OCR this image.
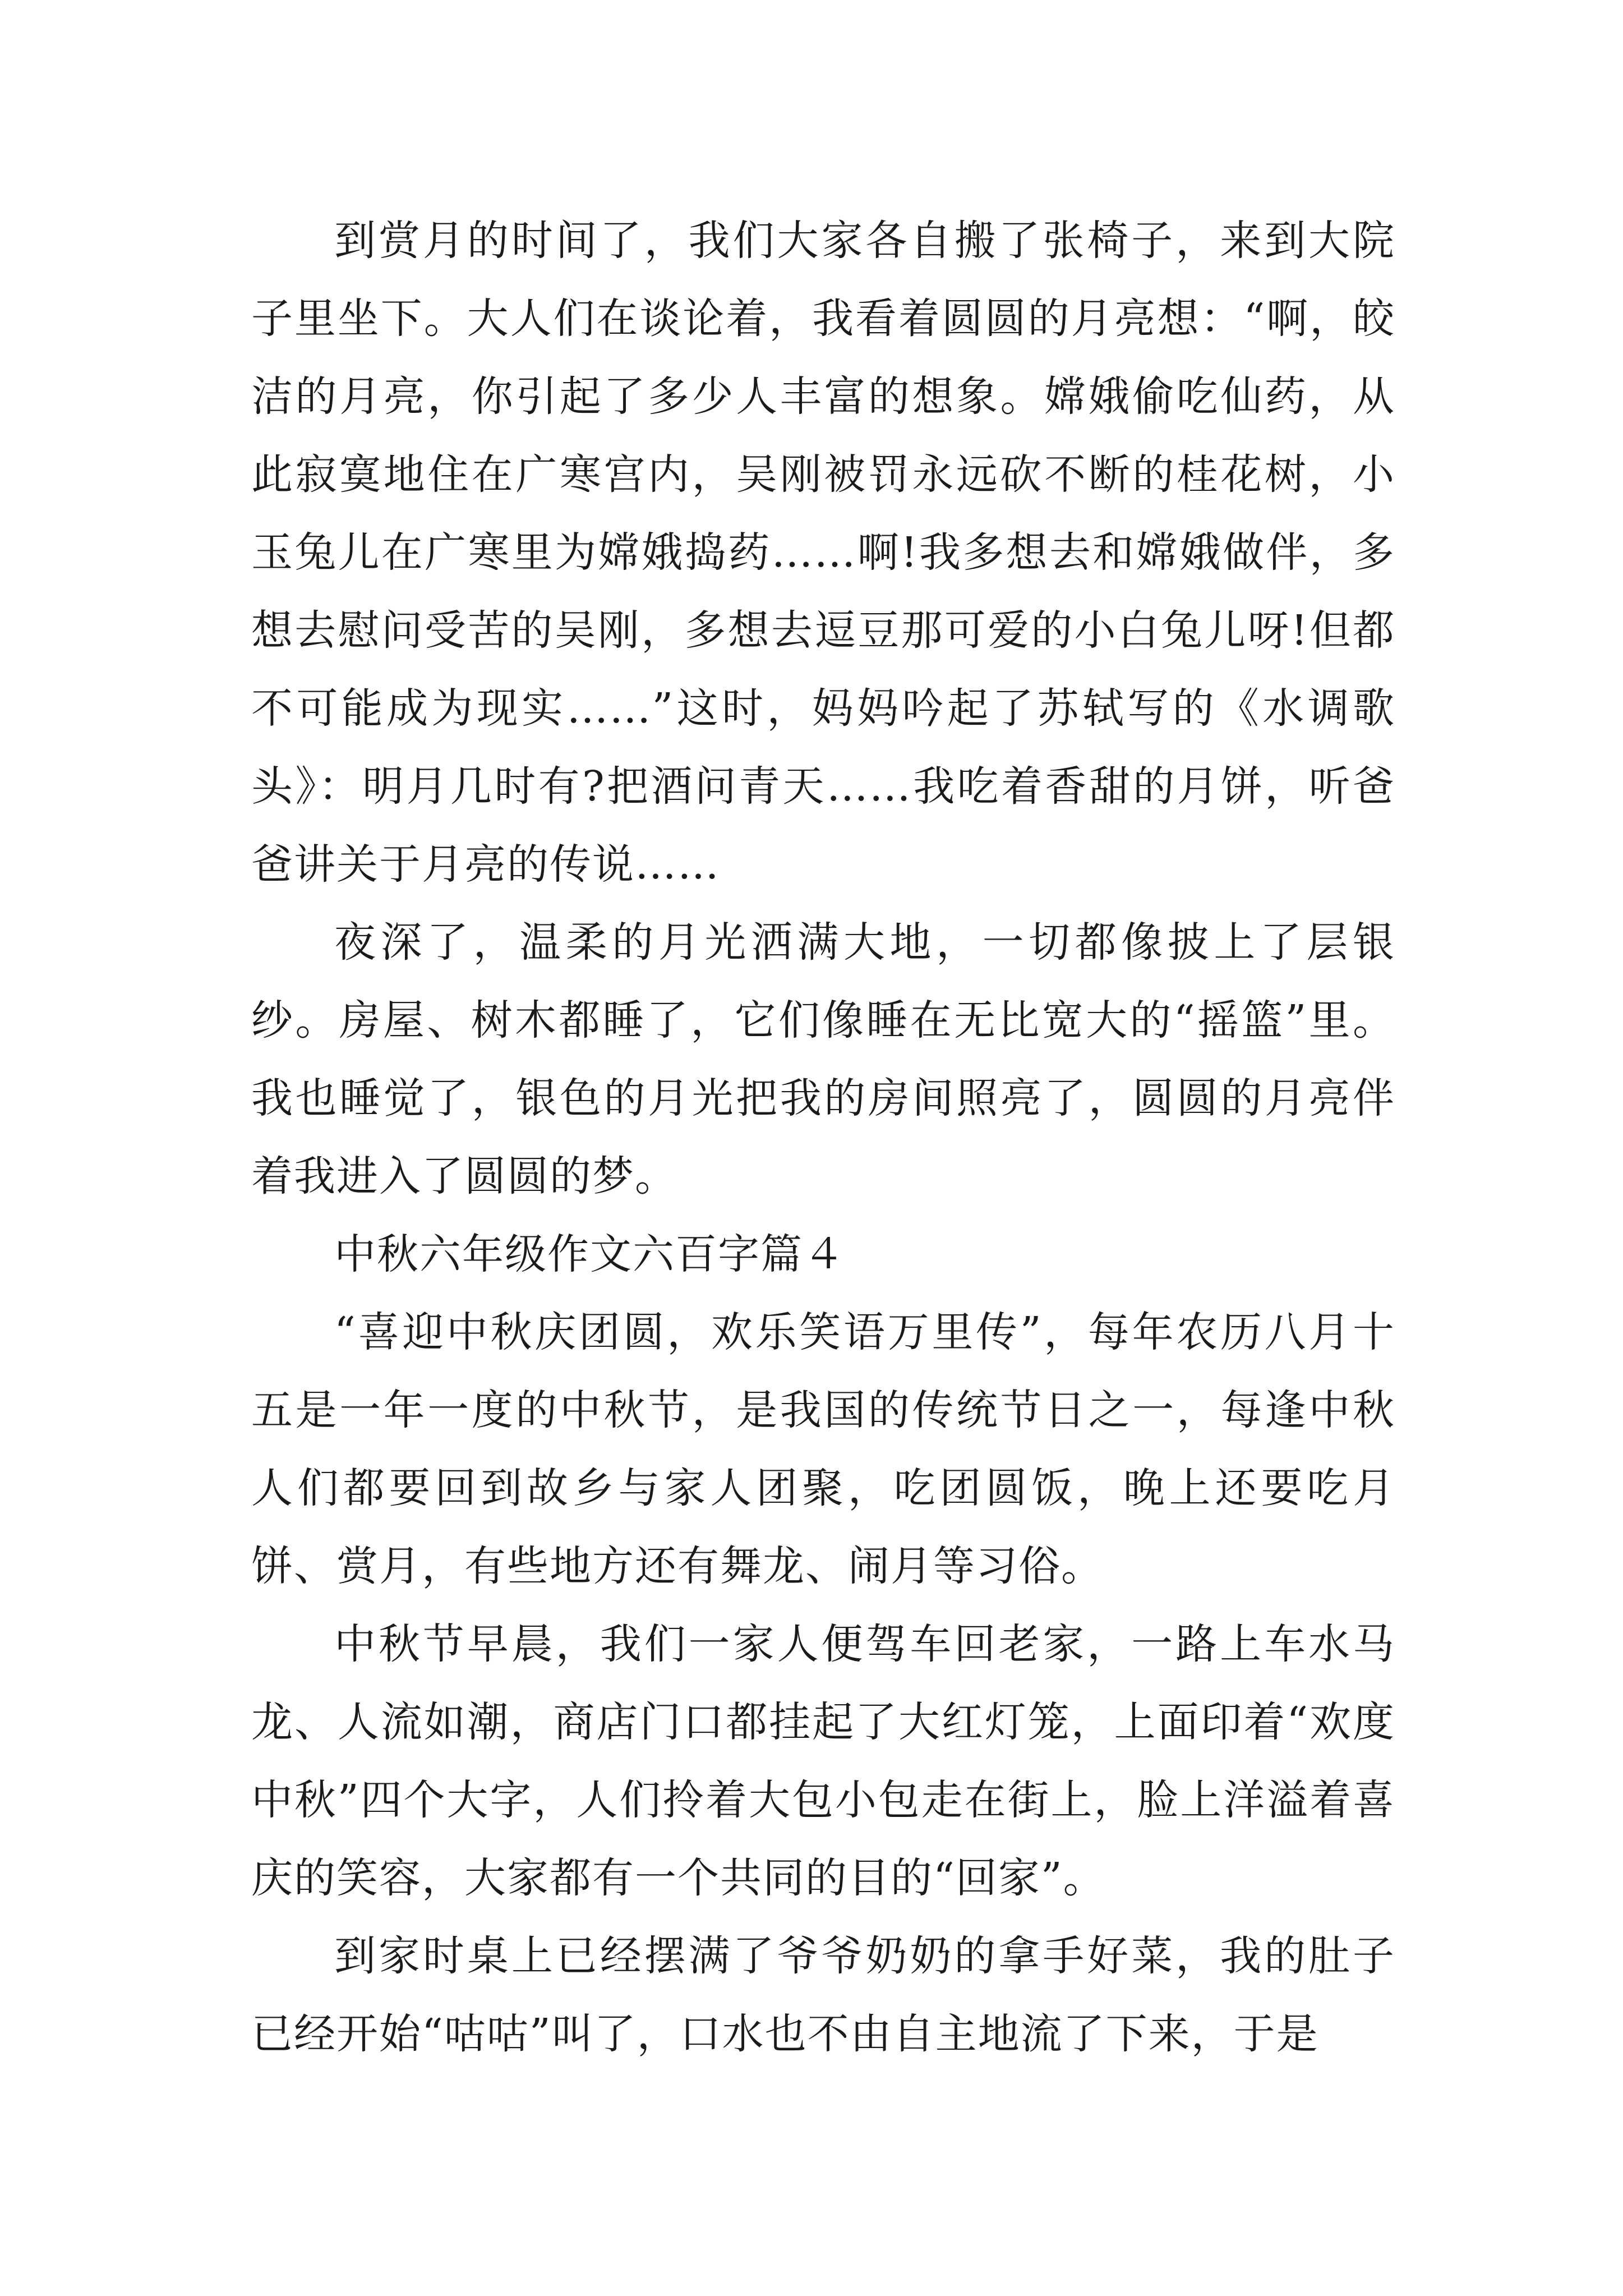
到赏月的时间了，我们大家各自搬了张椅子，来到大院子里坐下。大人们在谈论着，我看着圆圆的月亮想：“啊，皎洁的月亮，你引起了多少人丰富的想象。嫦娥偷吃仙药，从此寂寞地住在广寒宫内，吴刚被罚永远砍不断的桂花树，小玉兔儿在广寒里为嫦娥捣药……啊!我多想去和嫦娥做伴，多想去慰问受苦的吴刚，多想去逗豆那可爱的小白兔儿呀!但都不可能成为现实……”这时，妈妈吟起了苏轼写的《水调歌头》：明月几时有?把酒问青天……我吃着香甜的月饼，听爸爸讲关于月亮的传说……

夜深了，温柔的月光洒满大地，一切都像披上了层银纱。房屋、树木都睡了，它们像睡在无比宽大的“摇篮”里。我也睡觉了，银色的月光把我的房间照亮了，圆圆的月亮伴着我进入了圆圆的梦。

中秋六年级作文六百字篇４

“喜迎中秋庆团圆，欢乐笑语万里传”，每年农历八月十五是一年一度的中秋节，是我国的传统节日之一，每逢中秋人们都要回到故乡与家人团聚，吃团圆饭，晚上还要吃月饼、赏月，有些地方还有舞龙、闹月等习俗。

中秋节早晨，我们一家人便驾车回老家，一路上车水马龙、人流如潮，商店门口都挂起了大红灯笼，上面印着“欢度中秋”四个大字，人们拎着大包小包走在街上，脸上洋溢着喜庆的笑容，大家都有一个共同的目的“回家”。

到家时桌上已经摆满了爷爷奶奶的拿手好菜，我的肚子已经开始“咕咕”叫了，口水也不由自主地流了下来，于是
